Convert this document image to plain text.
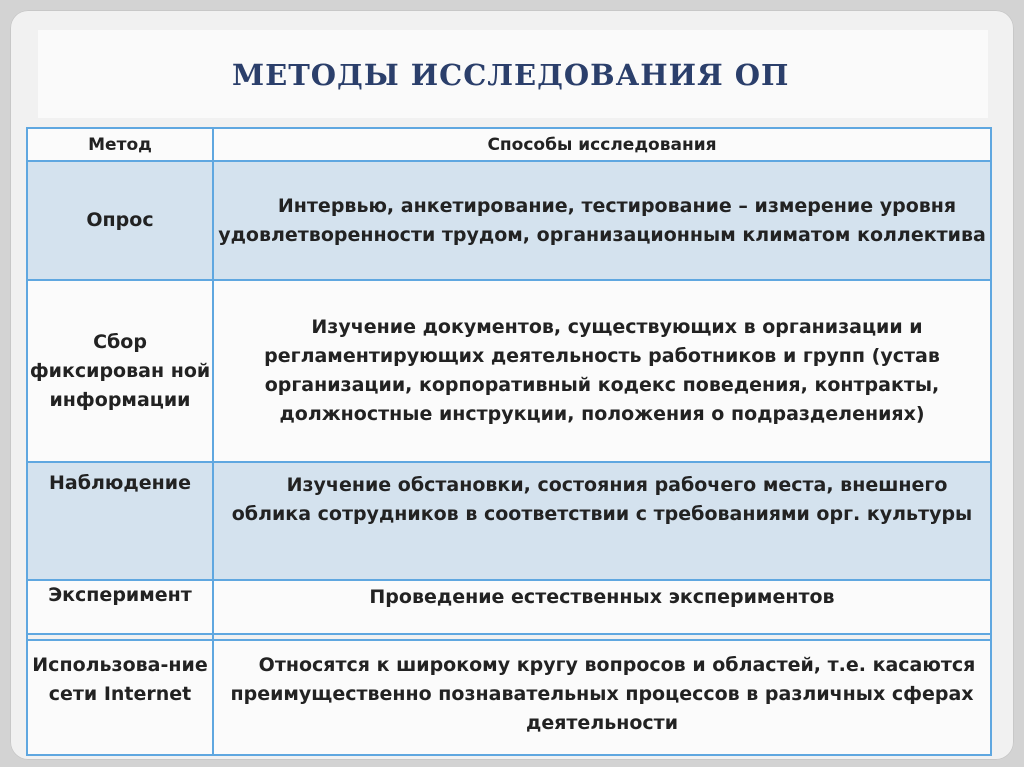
МЕТОДЫ ИССЛЕДОВАНИЯ ОП
Метод	Способы исследования
Опрос	Интервью, анкетирование, тестирование – измерение уровня удовлетворенности трудом, организационным климатом коллектива
Сбор фиксирован ной информации	Изучение документов, существующих в организации и регламентирующих деятельность работников и групп (устав организации, корпоративный кодекс поведения, контракты, должностные инструкции, положения о подразделениях)
Наблюдение	Изучение обстановки, состояния рабочего места, внешнего облика сотрудников в соответствии с требованиями орг. культуры
Эксперимент	Проведение естественных экспериментов

Использова-ние сети Internet	Относятся к широкому кругу вопросов и областей, т.е. касаются преимущественно познавательных процессов в различных сферах деятельности
